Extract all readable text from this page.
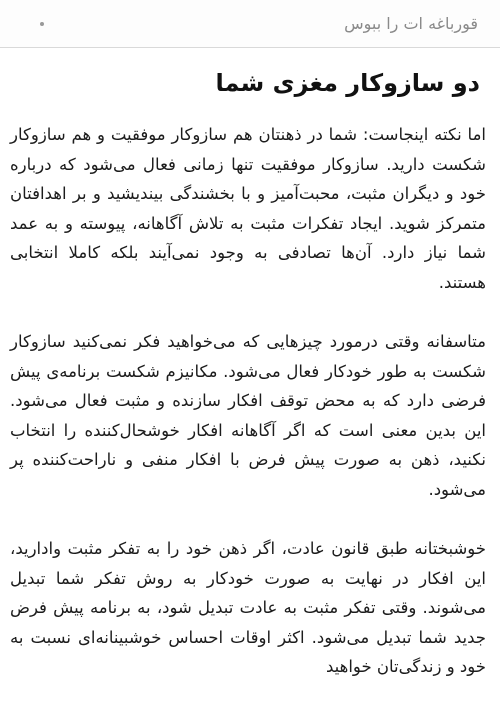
قورباغه ات را ببوس
دو سازوکار مغزی شما

اما نکته اینجاست: شما در ذهنتان هم سازوکار موفقیت و هم سازوکار شکست دارید. سازوکار موفقیت تنها زمانی فعال می‌شود که درباره خود و دیگران مثبت، محبت‌آمیز و با بخشندگی بیندیشید و بر اهدافتان متمرکز شوید. ایجاد تفکرات مثبت به تلاش آگاهانه، پیوسته و به عمد شما نیاز دارد. آن‌ها تصادفی به وجود نمی‌آیند بلکه کاملا انتخابی هستند.

متاسفانه وقتی درمورد چیزهایی که می‌خواهید فکر نمی‌کنید سازوکار شکست به طور خودکار فعال می‌شود. مکانیزم شکست برنامه‌ی پیش فرضی دارد که به محض توقف افکار سازنده و مثبت فعال می‌شود. این بدین معنی است که اگر آگاهانه افکار خوشحال‌کننده را انتخاب نکنید، ذهن به صورت پیش فرض با افکار منفی و ناراحت‌کننده پر می‌شود.

خوشبختانه طبق قانون عادت، اگر ذهن خود را به تفکر مثبت وادارید، این افکار در نهایت به صورت خودکار به روش تفکر شما تبدیل می‌شوند. وقتی تفکر مثبت به عادت تبدیل شود، به برنامه پیش فرض جدید شما تبدیل می‌شود. اکثر اوقات احساس خوشبینانه‌ای نسبت به خود و زندگی‌تان خواهید
